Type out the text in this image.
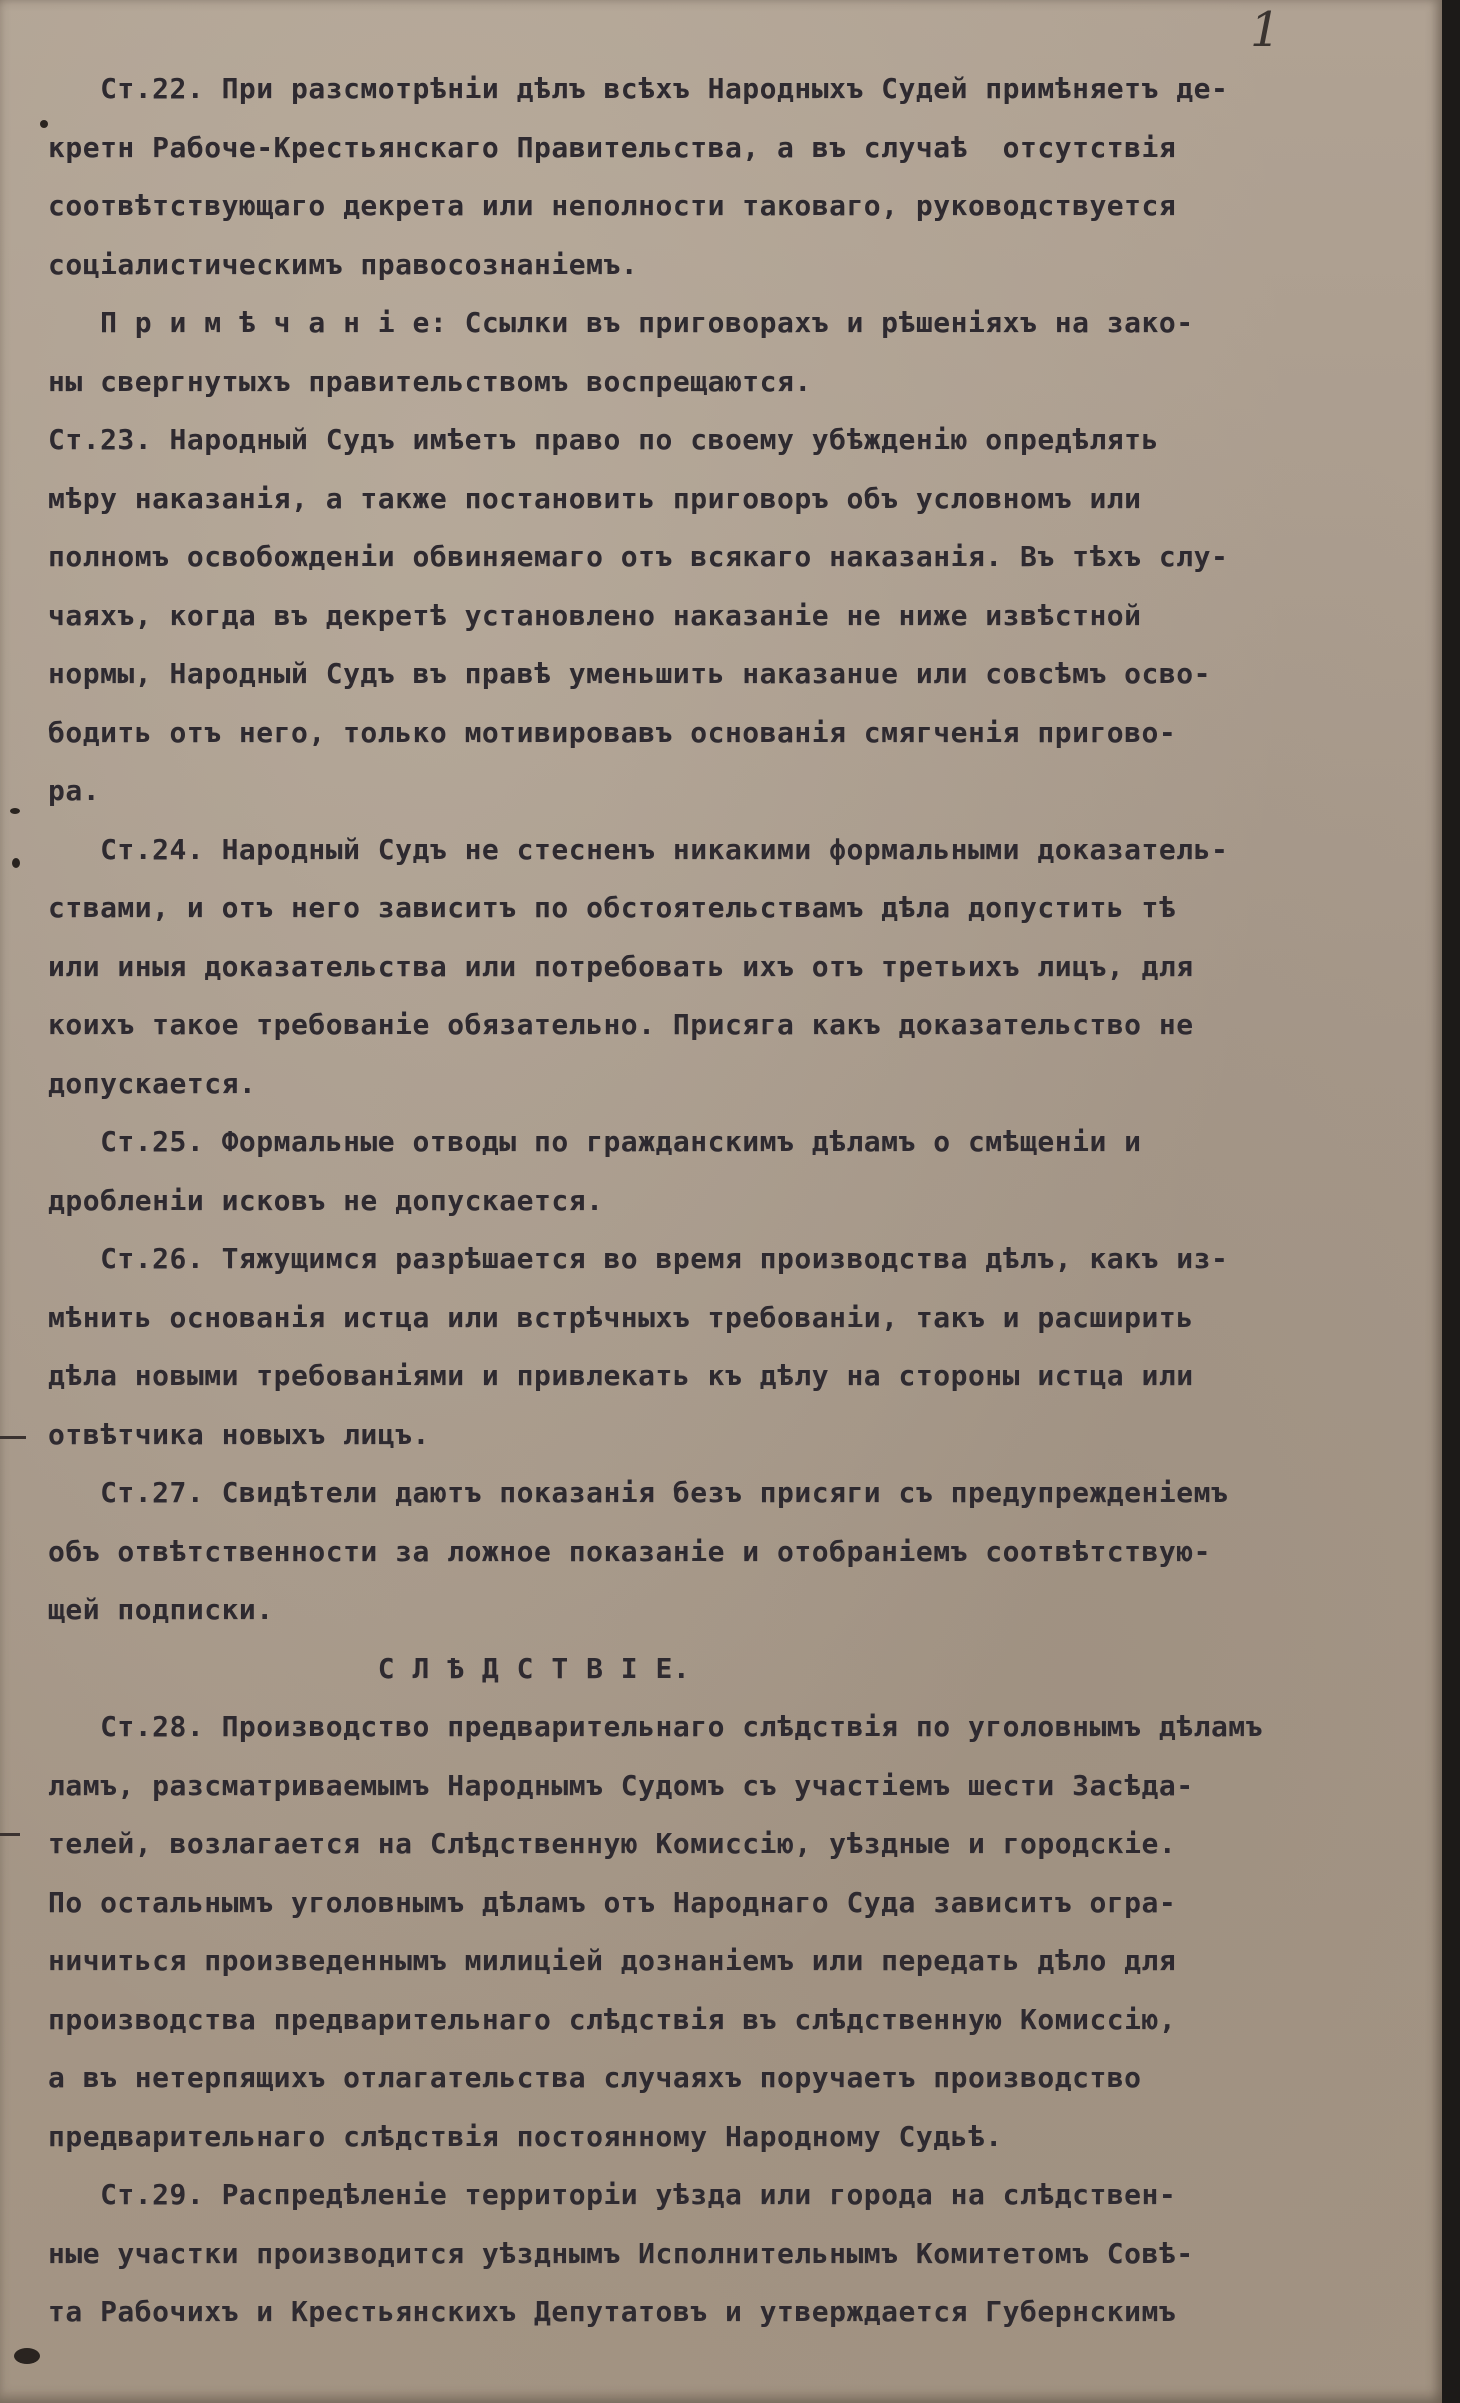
1
Ст.22. При разсмотрѣніи дѣлъ всѣхъ Народныхъ Судей примѣняетъ де-
кретн Рабоче-Крестьянскаго Правительства, а въ случаѣ  отсутствія
соотвѣтствующаго декрета или неполности таковаго, руководствуется
соціалистическимъ правосознаніемъ.
П р и м ѣ ч а н і е: Ссылки въ приговорахъ и рѣшеніяхъ на зако-
ны свергнутыхъ правительствомъ воспрещаются.
Ст.23. Народный Судъ имѣетъ право по своему убѣжденію опредѣлять
мѣру наказанія, а также постановить приговоръ объ условномъ или
полномъ освобожденіи обвиняемаго отъ всякаго наказанія. Въ тѣхъ слу-
чаяхъ, когда въ декретѣ установлено наказаніе не ниже извѣстной
нормы, Народный Судъ въ правѣ уменьшить наказанue или совсѣмъ осво-
бодить отъ него, только мотивировавъ основанія смягченія пригово-
ра.
Ст.24. Народный Судъ не стесненъ никакими формальными доказатель-
ствами, и отъ него зависитъ по обстоятельствамъ дѣла допустить тѣ
или иныя доказательства или потребовать ихъ отъ третьихъ лицъ, для
коихъ такое требованіе обязательно. Присяга какъ доказательство не
допускается.
Ст.25. Формальные отводы по гражданскимъ дѣламъ о смѣщеніи и
дробленіи исковъ не допускается.
Ст.26. Тяжущимся разрѣшается во время производства дѣлъ, какъ из-
мѣнить основанія истца или встрѣчныхъ требованіи, такъ и расширить
дѣла новыми требованіями и привлекать къ дѣлу на стороны истца или
отвѣтчика новыхъ лицъ.
Ст.27. Свидѣтели даютъ показанія безъ присяги съ предупрежденіемъ
объ отвѣтственности за ложное показаніе и отобраніемъ соотвѣтствую-
щей подписки.
С Л Ѣ Д С Т В І Е.
Ст.28. Производство предварительнаго слѣдствія по уголовнымъ дѣламъ
ламъ, разсматриваемымъ Народнымъ Судомъ съ участіемъ шести Засѣда-
телей, возлагается на Слѣдственную Комиссію, уѣздные и городскіе.
По остальнымъ уголовнымъ дѣламъ отъ Народнаго Суда зависитъ огра-
ничиться произведеннымъ милиціей дознаніемъ или передать дѣло для
производства предварительнаго слѣдствія въ слѣдственную Комиссію,
а въ нетерпящихъ отлагательства случаяхъ поручаетъ производство
предварительнаго слѣдствія постоянному Народному Судьѣ.
Ст.29. Распредѣленіе территоріи уѣзда или города на слѣдствен-
ные участки производится уѣзднымъ Исполнительнымъ Комитетомъ Совѣ-
та Рабочихъ и Крестьянскихъ Депутатовъ и утверждается Губернскимъ
